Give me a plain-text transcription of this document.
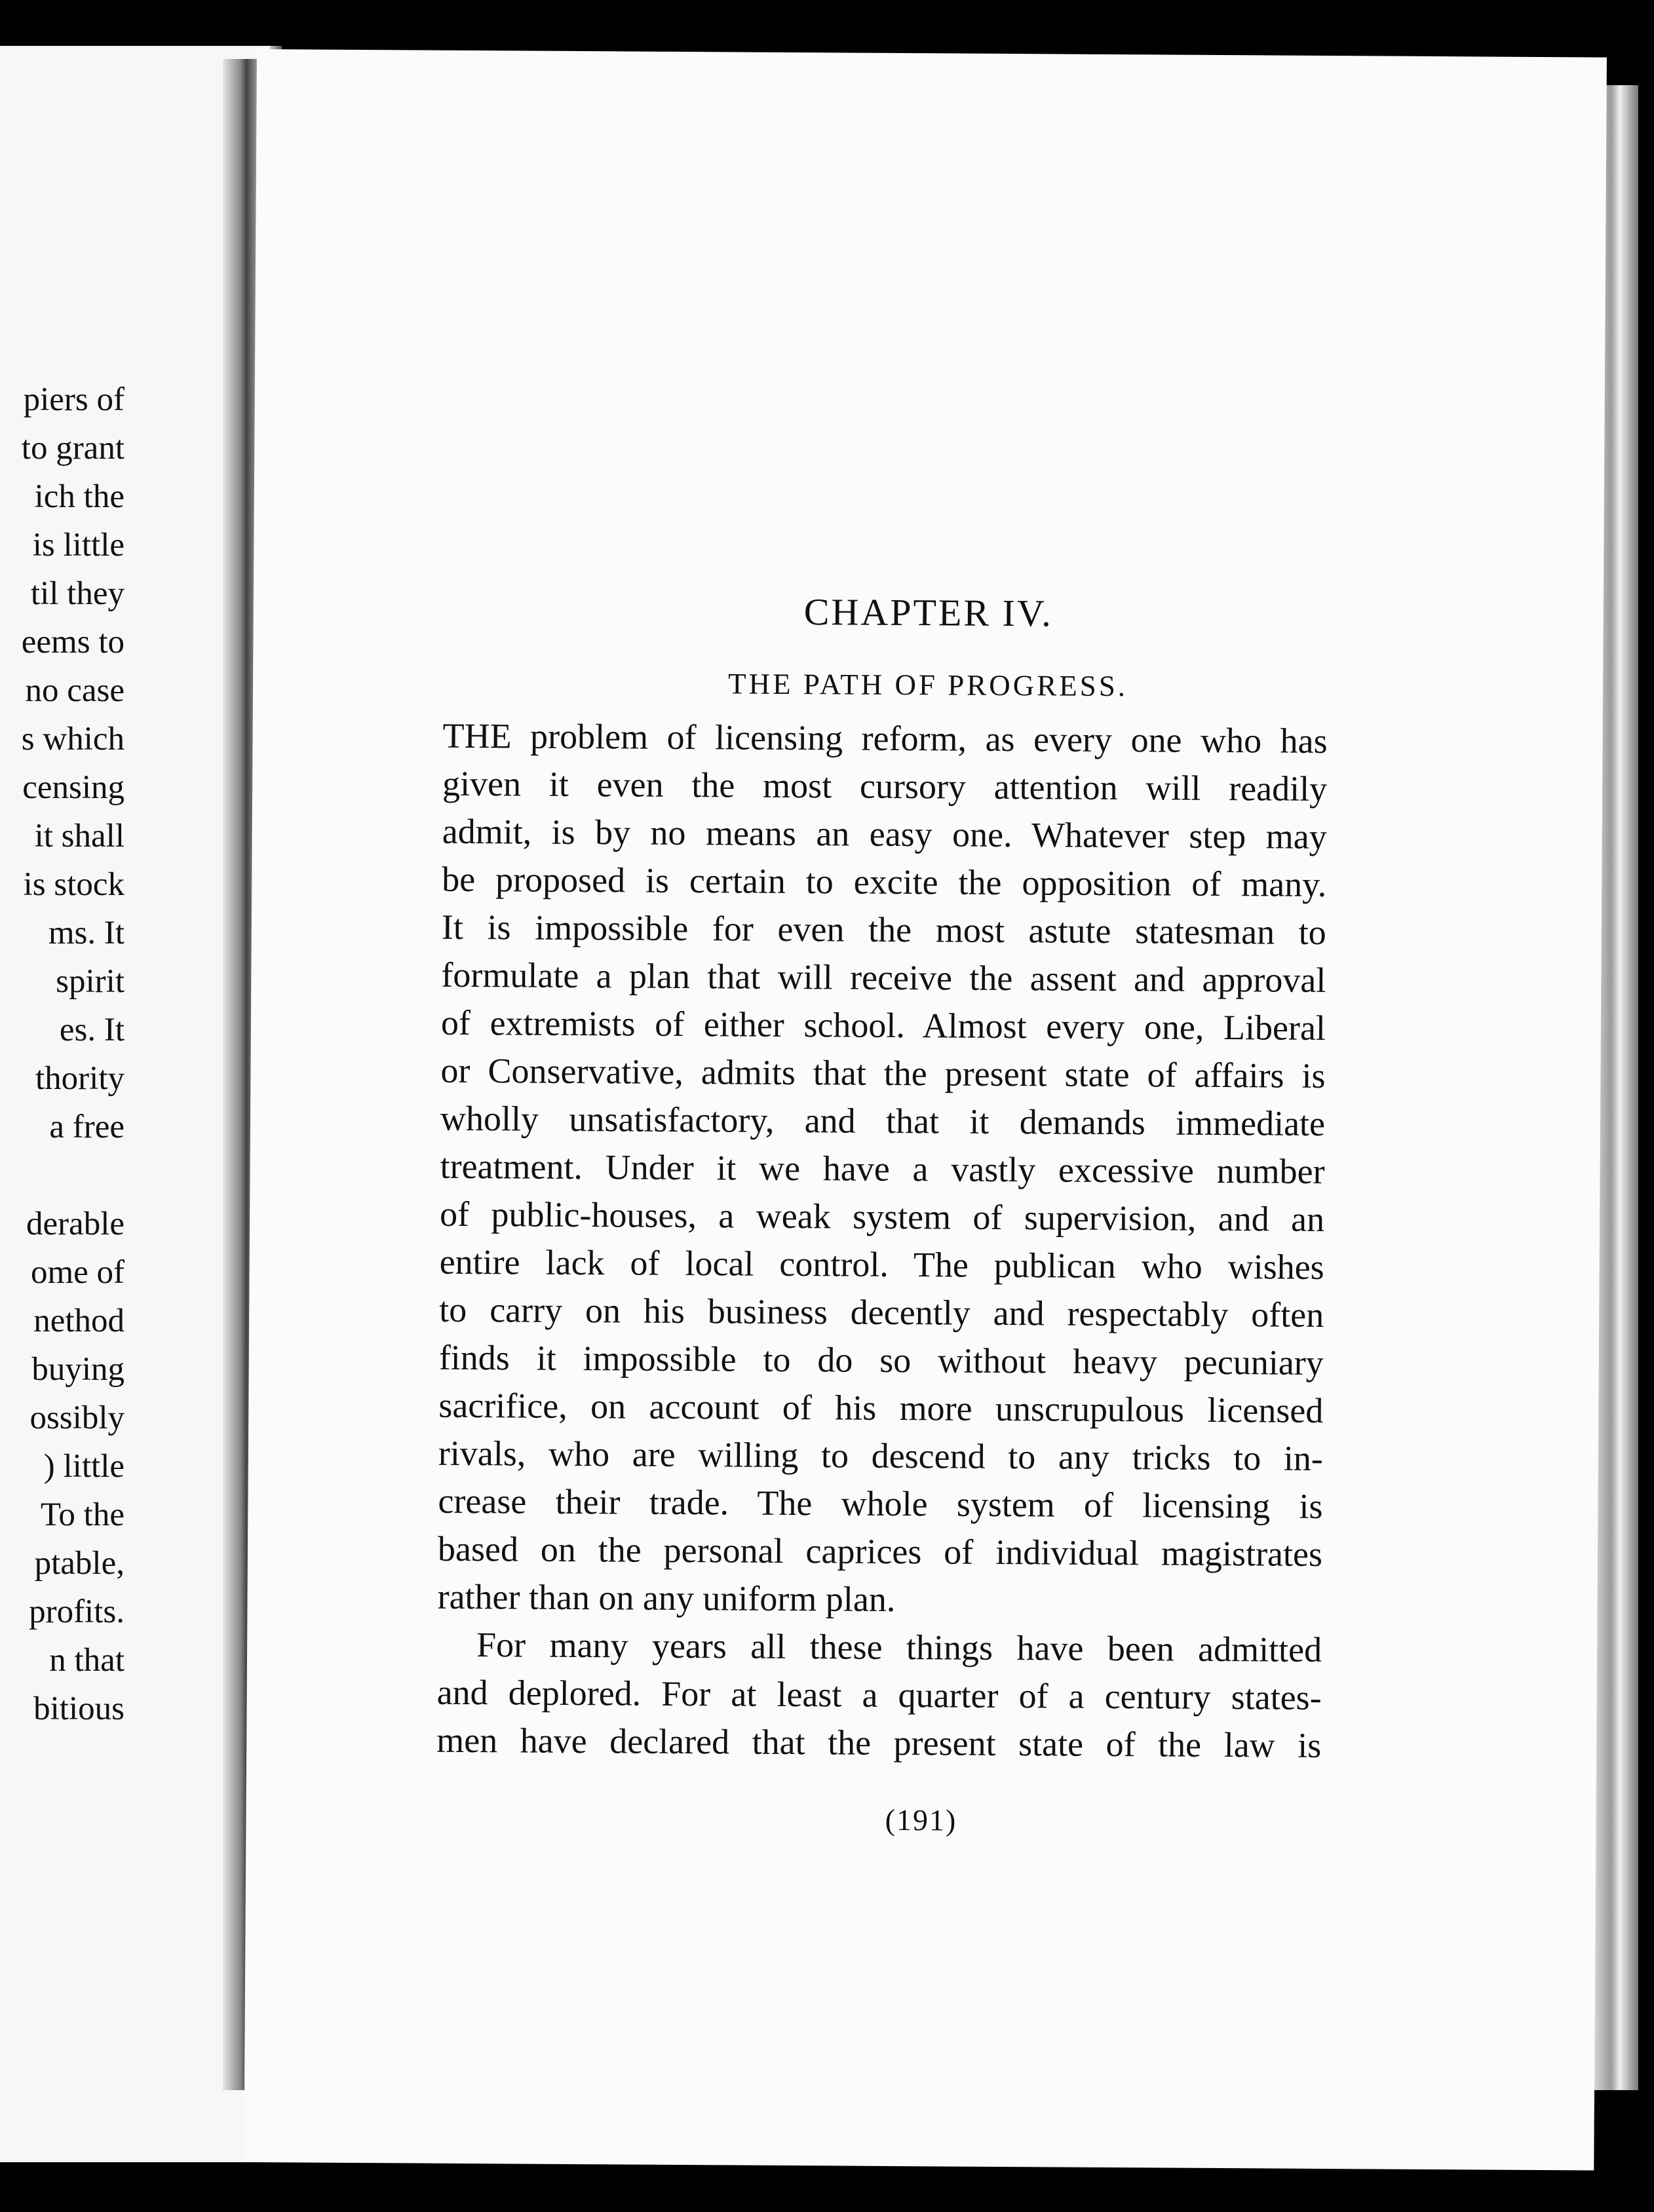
piers of
to grant
ich the
is little
til they
eems to
no case
s which
censing
it shall
is stock
ms. It
spirit
es. It
thority
a free
derable
ome of
nethod
buying
ossibly
) little
To the
ptable,
profits.
n that
bitious
CHAPTER IV.
THE PATH OF PROGRESS.
THE problem of licensing reform, as every one who has
given it even the most cursory attention will readily
admit, is by no means an easy one. Whatever step may
be proposed is certain to excite the opposition of many.
It is impossible for even the most astute statesman to
formulate a plan that will receive the assent and approval
of extremists of either school. Almost every one, Liberal
or Conservative, admits that the present state of affairs is
wholly unsatisfactory, and that it demands immediate
treatment. Under it we have a vastly excessive number
of public-houses, a weak system of supervision, and an
entire lack of local control. The publican who wishes
to carry on his business decently and respectably often
finds it impossible to do so without heavy pecuniary
sacrifice, on account of his more unscrupulous licensed
rivals, who are willing to descend to any tricks to in-
crease their trade. The whole system of licensing is
based on the personal caprices of individual magistrates
rather than on any uniform plan.
For many years all these things have been admitted
and deplored. For at least a quarter of a century states-
men have declared that the present state of the law is
(191)
